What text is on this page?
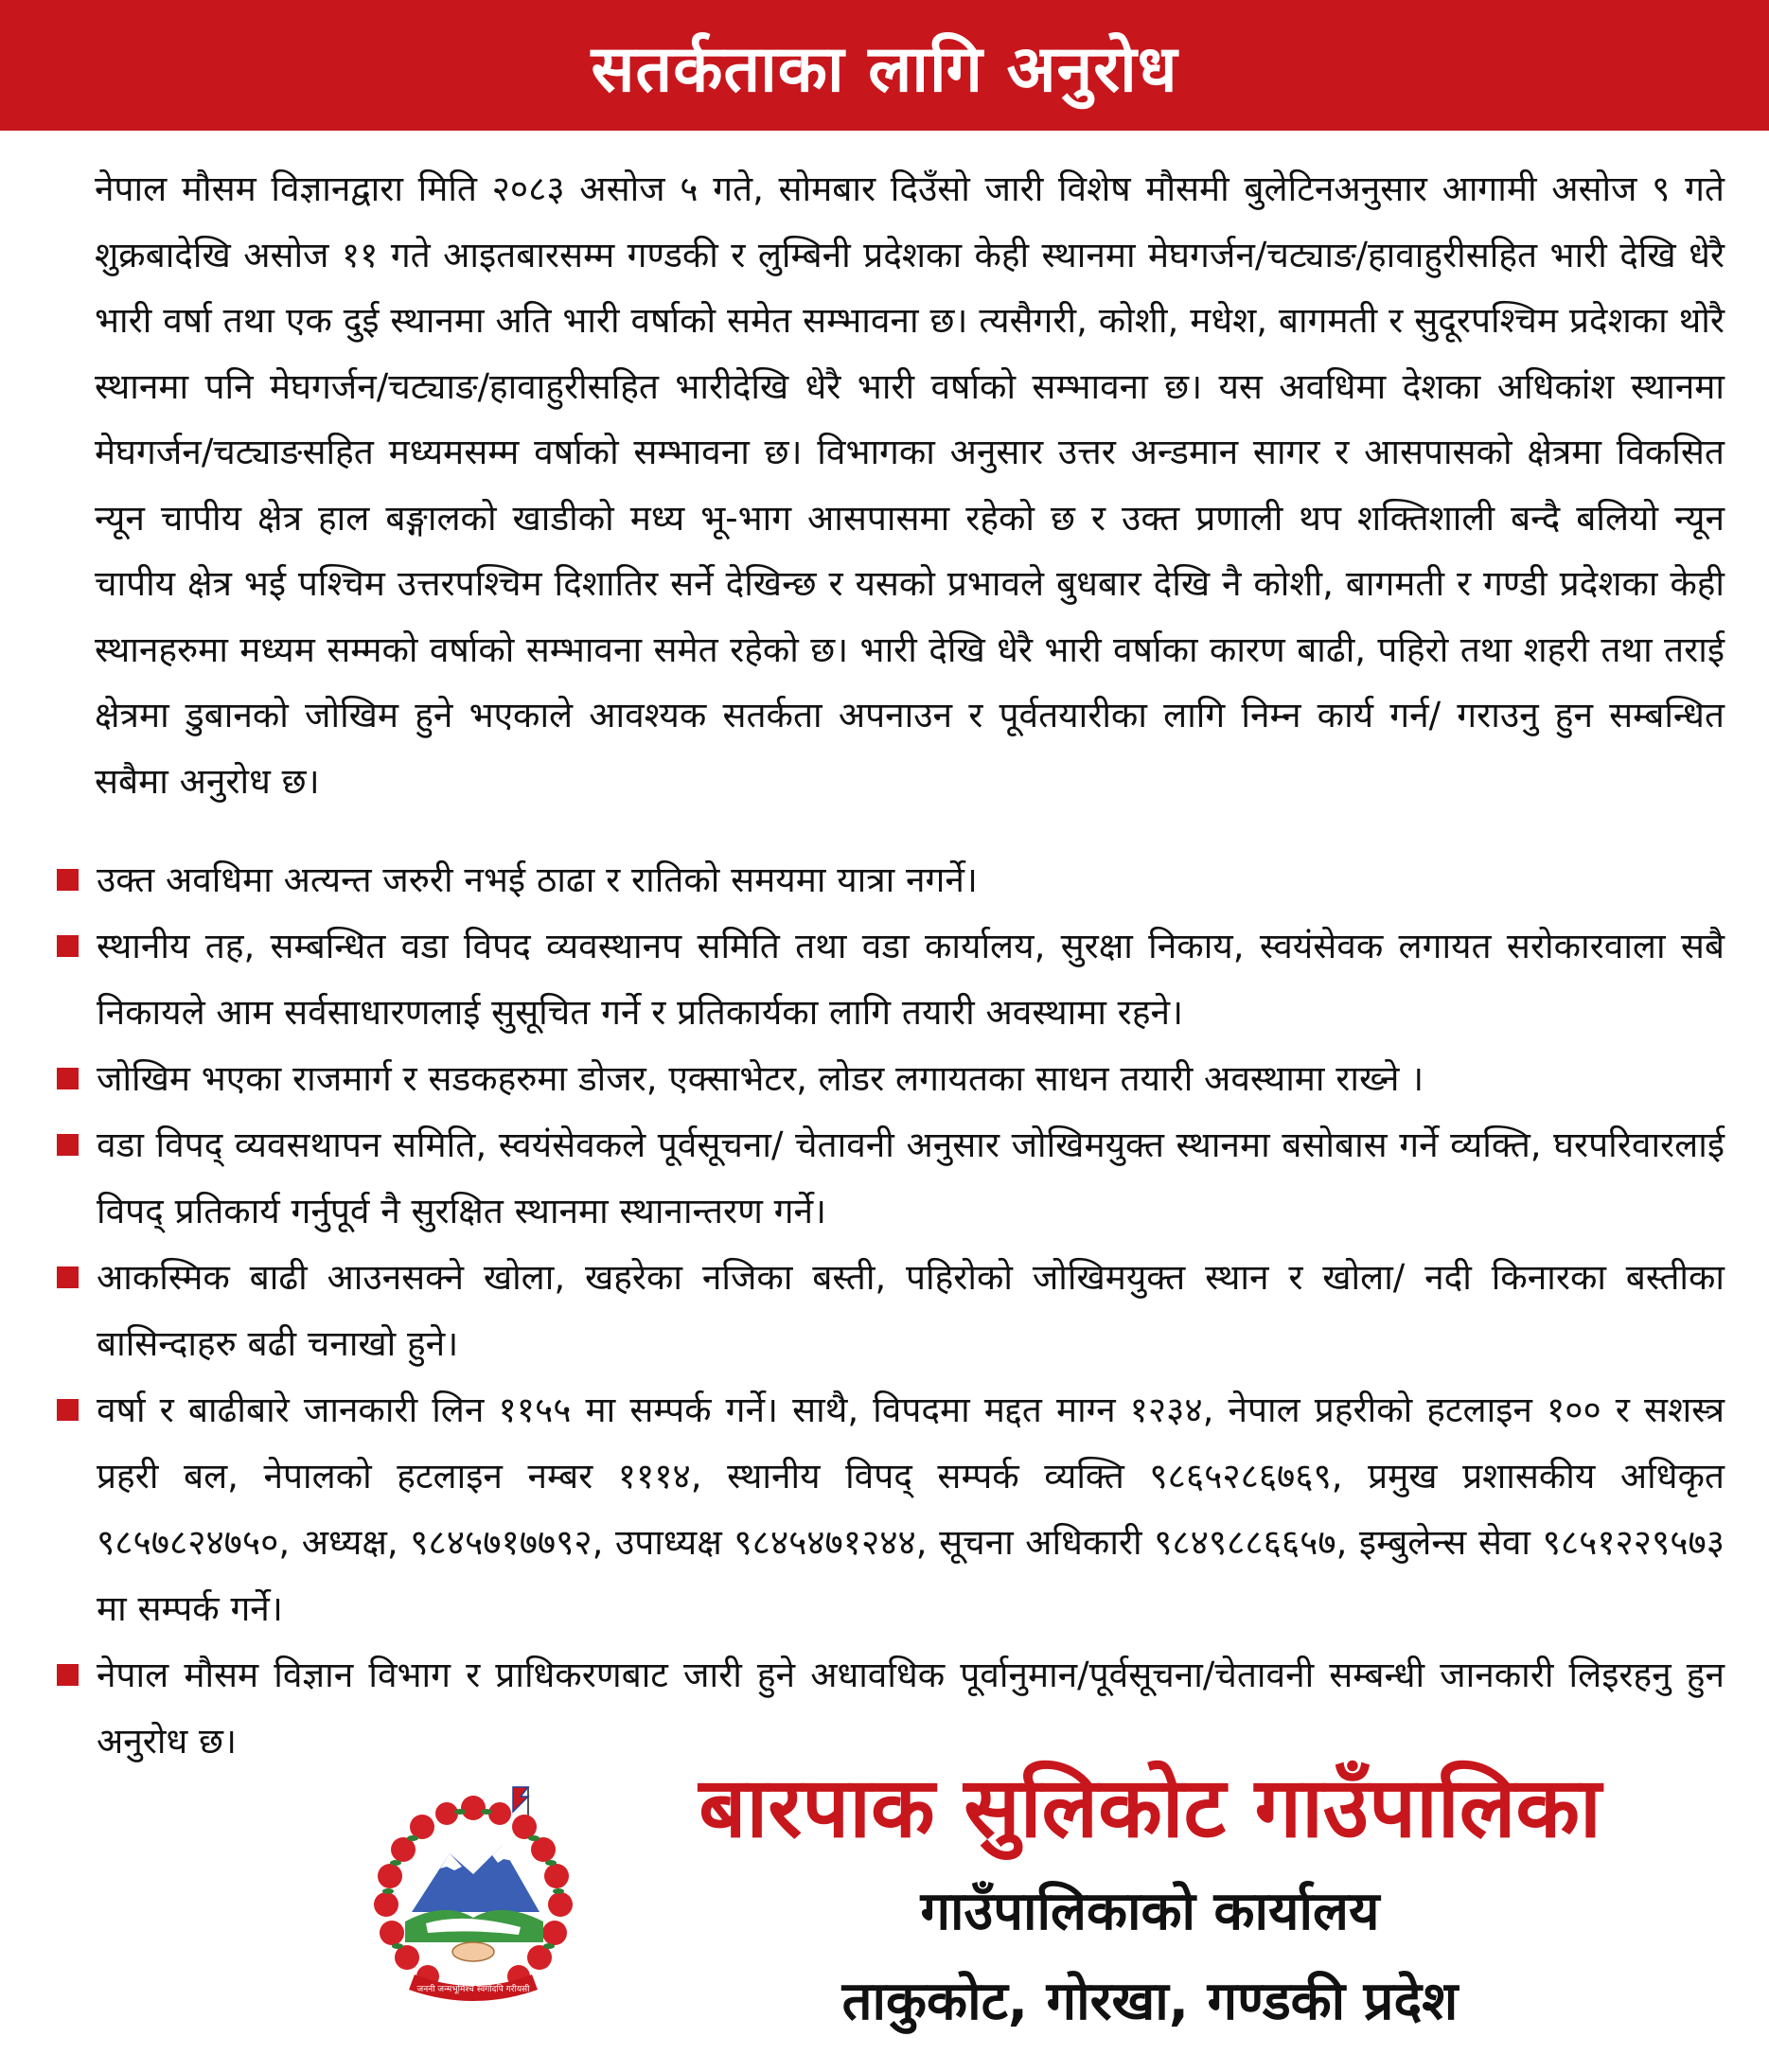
सतर्कताका लागि अनुरोध

नेपाल मौसम विज्ञानद्वारा मिति २०८३ असोज ५ गते, सोमबार दिउँसो जारी विशेष मौसमी बुलेटिनअनुसार आगामी असोज ९ गते शुक्रबादेखि असोज ११ गते आइतबारसम्म गण्डकी र लुम्बिनी प्रदेशका केही स्थानमा मेघगर्जन/चट्याङ/हावाहुरीसहित भारी देखि धेरै भारी वर्षा तथा एक दुई स्थानमा अति भारी वर्षाको समेत सम्भावना छ। त्यसैगरी, कोशी, मधेश, बागमती र सुदूरपश्चिम प्रदेशका थोरै स्थानमा पनि मेघगर्जन/चट्याङ/हावाहुरीसहित भारीदेखि धेरै भारी वर्षाको सम्भावना छ। यस अवधिमा देशका अधिकांश स्थानमा मेघगर्जन/चट्याङसहित मध्यमसम्म वर्षाको सम्भावना छ। विभागका अनुसार उत्तर अन्डमान सागर र आसपासको क्षेत्रमा विकसित न्यून चापीय क्षेत्र हाल बङ्गालको खाडीको मध्य भू-भाग आसपासमा रहेको छ र उक्त प्रणाली थप शक्तिशाली बन्दै बलियो न्यून चापीय क्षेत्र भई पश्चिम उत्तरपश्चिम दिशातिर सर्ने देखिन्छ र यसको प्रभावले बुधबार देखि नै कोशी, बागमती र गण्डी प्रदेशका केही स्थानहरुमा मध्यम सम्मको वर्षाको सम्भावना समेत रहेको छ। भारी देखि धेरै भारी वर्षाका कारण बाढी, पहिरो तथा शहरी तथा तराई क्षेत्रमा डुबानको जोखिम हुने भएकाले आवश्यक सतर्कता अपनाउन र पूर्वतयारीका लागि निम्न कार्य गर्न/ गराउनु हुन सम्बन्धित सबैमा अनुरोध छ।

उक्त अवधिमा अत्यन्त जरुरी नभई ठाढा र रातिको समयमा यात्रा नगर्ने।
स्थानीय तह, सम्बन्धित वडा विपद व्यवस्थानप समिति तथा वडा कार्यालय, सुरक्षा निकाय, स्वयंसेवक लगायत सरोकारवाला सबै निकायले आम सर्वसाधारणलाई सुसूचित गर्ने र प्रतिकार्यका लागि तयारी अवस्थामा रहने।
जोखिम भएका राजमार्ग र सडकहरुमा डोजर, एक्साभेटर, लोडर लगायतका साधन तयारी अवस्थामा राख्ने ।
वडा विपद् व्यवसथापन समिति, स्वयंसेवकले पूर्वसूचना/ चेतावनी अनुसार जोखिमयुक्त स्थानमा बसोबास गर्ने व्यक्ति, घरपरिवारलाई विपद् प्रतिकार्य गर्नुपूर्व नै सुरक्षित स्थानमा स्थानान्तरण गर्ने।
आकस्मिक बाढी आउनसक्ने खोला, खहरेका नजिका बस्ती, पहिरोको जोखिमयुक्त स्थान र खोला/ नदी किनारका बस्तीका बासिन्दाहरु बढी चनाखो हुने।
वर्षा र बाढीबारे जानकारी लिन ११५५ मा सम्पर्क गर्ने। साथै, विपदमा मद्दत माग्न १२३४, नेपाल प्रहरीको हटलाइन १०० र सशस्त्र प्रहरी बल, नेपालको हटलाइन नम्बर १११४, स्थानीय विपद् सम्पर्क व्यक्ति ९८६५२८६७६९, प्रमुख प्रशासकीय अधिकृत ९८५७८२४७५०, अध्यक्ष, ९८४५७१७७९२, उपाध्यक्ष ९८४५४७१२४४, सूचना अधिकारी ९८४९८८६६५७, इम्बुलेन्स सेवा ९८५१२२९५७३ मा सम्पर्क गर्ने।
नेपाल मौसम विज्ञान विभाग र प्राधिकरणबाट जारी हुने अधावधिक पूर्वानुमान/पूर्वसूचना/चेतावनी सम्बन्धी जानकारी लिइरहनु हुन अनुरोध छ।
जननी जन्मभूमिश्च स्वर्गादपि गरीयसी
बारपाक सुलिकोट गाउँपालिका
गाउँपालिकाको कार्यालय
ताकुकोट, गोरखा, गण्डकी प्रदेश
